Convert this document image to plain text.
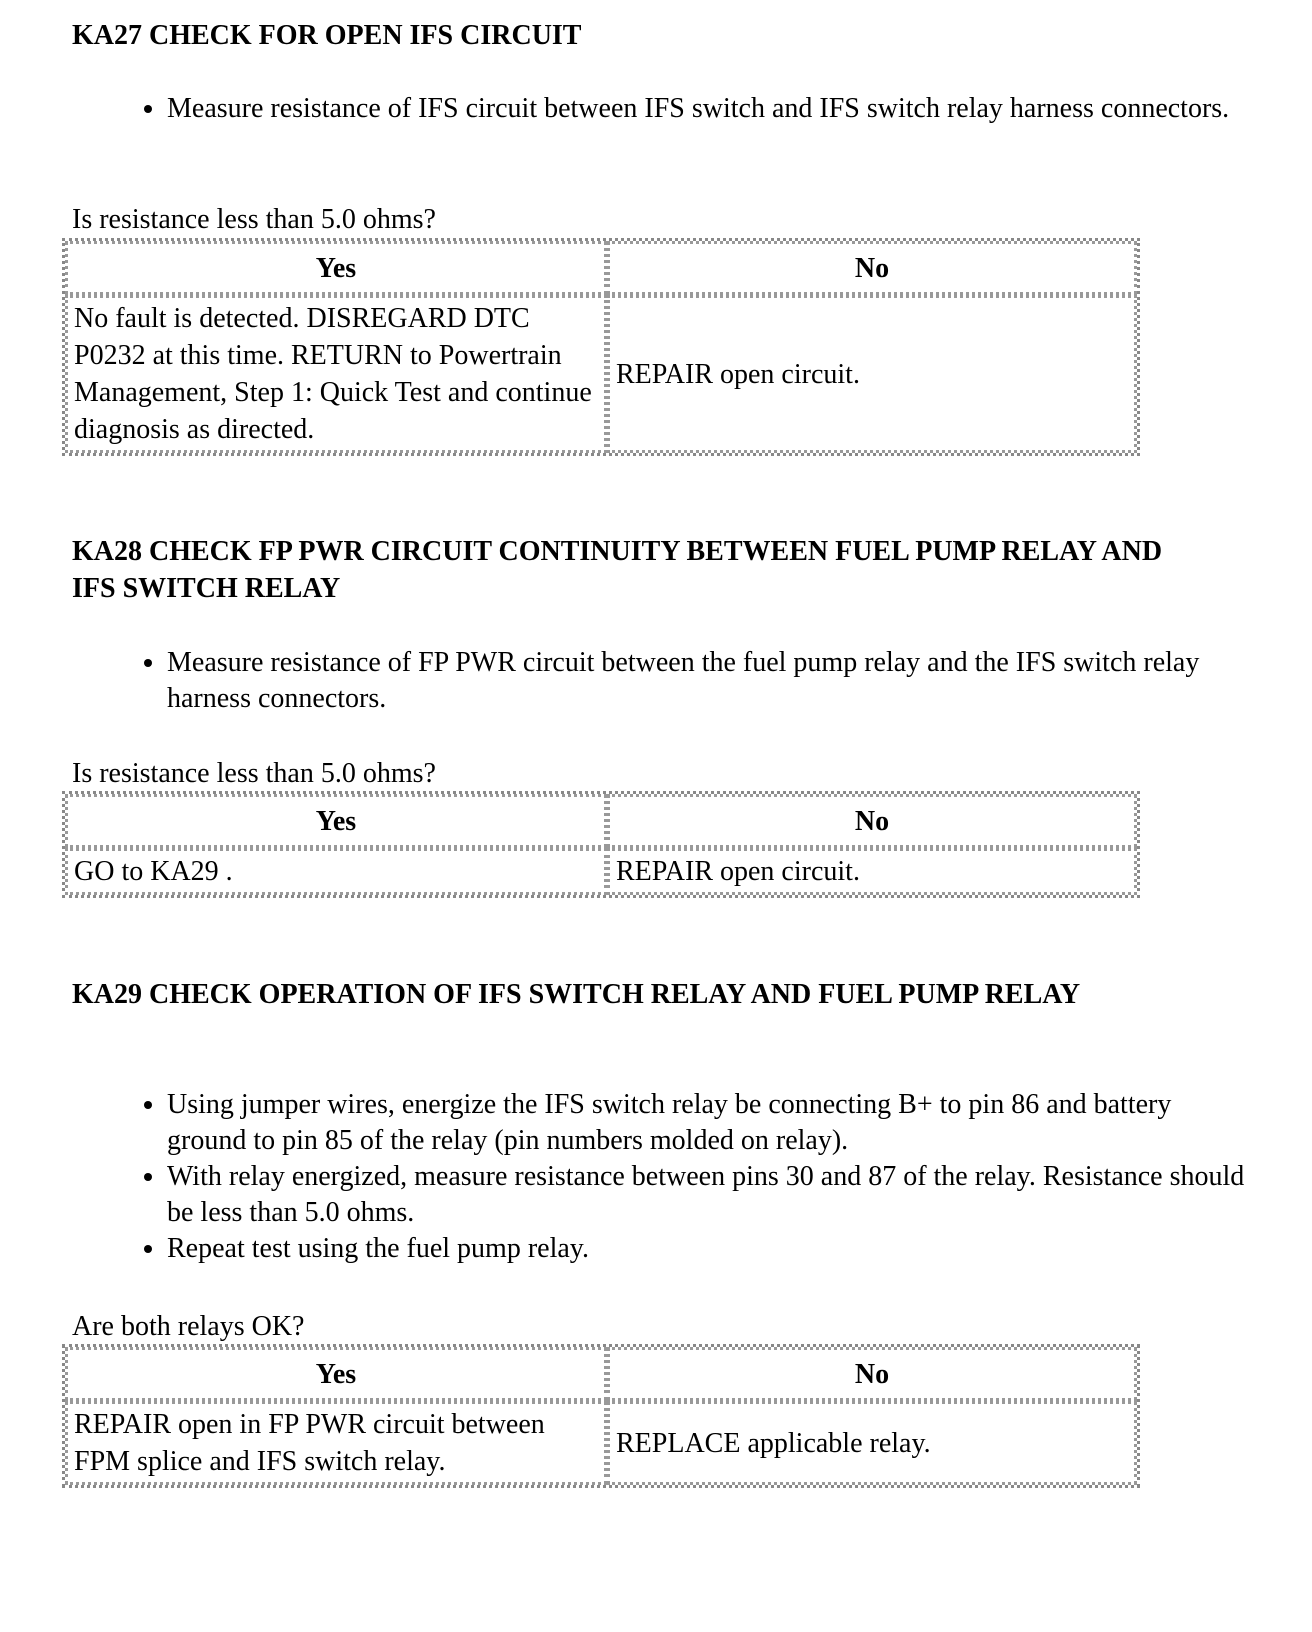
KA27 CHECK FOR OPEN IFS CIRCUIT
• Measure resistance of IFS circuit between IFS switch and IFS switch relay harness connectors.
Is resistance less than 5.0 ohms?
Yes	No
No fault is detected. DISREGARD DTC P0232 at this time. RETURN to Powertrain Management, Step 1: Quick Test and continue diagnosis as directed.	REPAIR open circuit.
KA28 CHECK FP PWR CIRCUIT CONTINUITY BETWEEN FUEL PUMP RELAY AND IFS SWITCH RELAY
• Measure resistance of FP PWR circuit between the fuel pump relay and the IFS switch relay harness connectors.
Is resistance less than 5.0 ohms?
Yes	No
GO to KA29 .	REPAIR open circuit.
KA29 CHECK OPERATION OF IFS SWITCH RELAY AND FUEL PUMP RELAY
• Using jumper wires, energize the IFS switch relay be connecting B+ to pin 86 and battery ground to pin 85 of the relay (pin numbers molded on relay).
• With relay energized, measure resistance between pins 30 and 87 of the relay. Resistance should be less than 5.0 ohms.
• Repeat test using the fuel pump relay.
Are both relays OK?
Yes	No
REPAIR open in FP PWR circuit between FPM splice and IFS switch relay.	REPLACE applicable relay.
